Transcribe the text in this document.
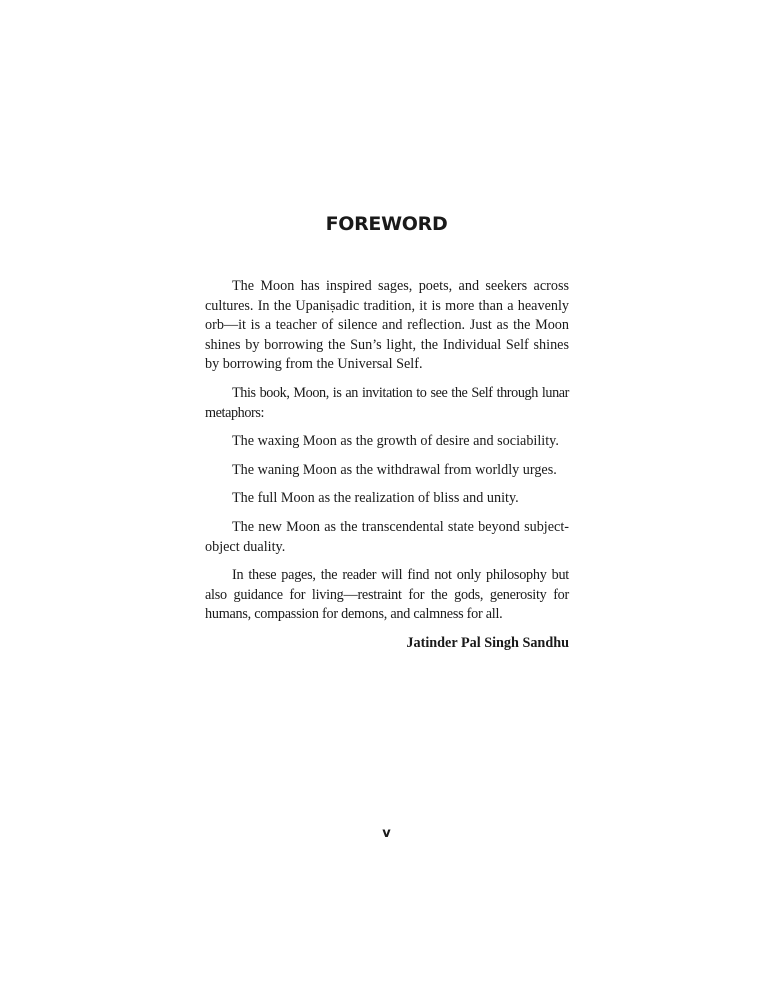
FOREWORD

The Moon has inspired sages, poets, and seekers across cultures. In the Upaniṣadic tradition, it is more than a heavenly orb—it is a teacher of silence and reflection. Just as the Moon shines by borrowing the Sun’s light, the Individual Self shines by borrowing from the Universal Self.

This book, Moon, is an invitation to see the Self through lunar metaphors:

The waxing Moon as the growth of desire and sociability.

The waning Moon as the withdrawal from worldly urges.

The full Moon as the realization of bliss and unity.

The new Moon as the transcendental state beyond subject-object duality.

In these pages, the reader will find not only philosophy but also guidance for living—restraint for the gods, generosity for humans, compassion for demons, and calmness for all.

Jatinder Pal Singh Sandhu

v
